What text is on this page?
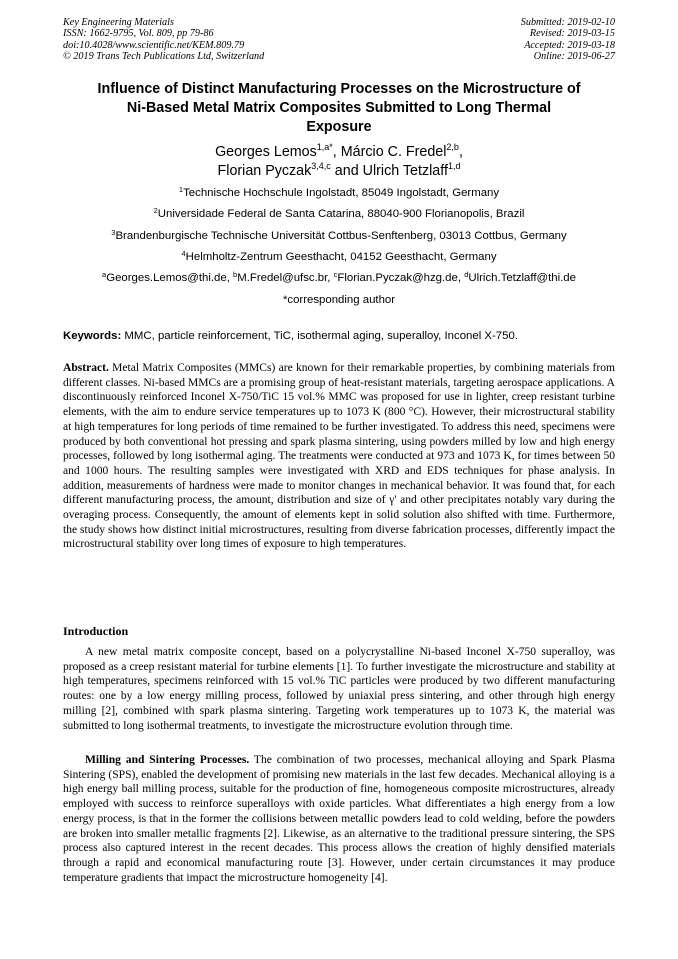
Key Engineering Materials
ISSN: 1662-9795, Vol. 809, pp 79-86
doi:10.4028/www.scientific.net/KEM.809.79
© 2019 Trans Tech Publications Ltd, Switzerland
Submitted: 2019-02-10
Revised: 2019-03-15
Accepted: 2019-03-18
Online: 2019-06-27
Influence of Distinct Manufacturing Processes on the Microstructure of
Ni-Based Metal Matrix Composites Submitted to Long Thermal
Exposure
Georges Lemos$^{1,a*}$, Márcio C. Fredel$^{2,b}$,
Florian Pyczak$^{3,4,c}$ and Ulrich Tetzlaff$^{1,d}$
$^1$Technische Hochschule Ingolstadt, 85049 Ingolstadt, Germany
$^2$Universidade Federal de Santa Catarina, 88040-900 Florianopolis, Brazil
$^3$Brandenburgische Technische Universität Cottbus-Senftenberg, 03013 Cottbus, Germany
$^4$Helmholtz-Zentrum Geesthacht, 04152 Geesthacht, Germany
$^a$Georges.Lemos@thi.de, $^b$M.Fredel@ufsc.br, $^c$Florian.Pyczak@hzg.de, $^d$Ulrich.Tetzlaff@thi.de
*corresponding author
Keywords: MMC, particle reinforcement, TiC, isothermal aging, superalloy, Inconel X-750.
Abstract. Metal Matrix Composites (MMCs) are known for their remarkable properties, by combining materials from different classes. Ni-based MMCs are a promising group of heat-resistant materials, targeting aerospace applications. A discontinuously reinforced Inconel X-750/TiC 15 vol.% MMC was proposed for use in lighter, creep resistant turbine elements, with the aim to endure service temperatures up to 1073 K (800 °C). However, their microstructural stability at high temperatures for long periods of time remained to be further investigated. To address this need, specimens were produced by both conventional hot pressing and spark plasma sintering, using powders milled by low and high energy processes, followed by long isothermal aging. The treatments were conducted at 973 and 1073 K, for times between 50 and 1000 hours. The resulting samples were investigated with XRD and EDS techniques for phase analysis. In addition, measurements of hardness were made to monitor changes in mechanical behavior. It was found that, for each different manufacturing process, the amount, distribution and size of γ' and other precipitates notably vary during the overaging process. Consequently, the amount of elements kept in solid solution also shifted with time. Furthermore, the study shows how distinct initial microstructures, resulting from diverse fabrication processes, differently impact the microstructural stability over long times of exposure to high temperatures.
Introduction
A new metal matrix composite concept, based on a polycrystalline Ni-based Inconel X-750 superalloy, was proposed as a creep resistant material for turbine elements [1]. To further investigate the microstructure and stability at high temperatures, specimens reinforced with 15 vol.% TiC particles were produced by two different manufacturing routes: one by a low energy milling process, followed by uniaxial press sintering, and other through high energy milling [2], combined with spark plasma sintering. Targeting work temperatures up to 1073 K, the material was submitted to long isothermal treatments, to investigate the microstructure evolution through time.
Milling and Sintering Processes. The combination of two processes, mechanical alloying and Spark Plasma Sintering (SPS), enabled the development of promising new materials in the last few decades. Mechanical alloying is a high energy ball milling process, suitable for the production of fine, homogeneous composite microstructures, already employed with success to reinforce superalloys with oxide particles. What differentiates a high energy from a low energy process, is that in the former the collisions between metallic powders lead to cold welding, before the powders are broken into smaller metallic fragments [2]. Likewise, as an alternative to the traditional pressure sintering, the SPS process also captured interest in the recent decades. This process allows the creation of highly densified materials through a rapid and economical manufacturing route [3]. However, under certain circumstances it may produce temperature gradients that impact the microstructure homogeneity [4].
